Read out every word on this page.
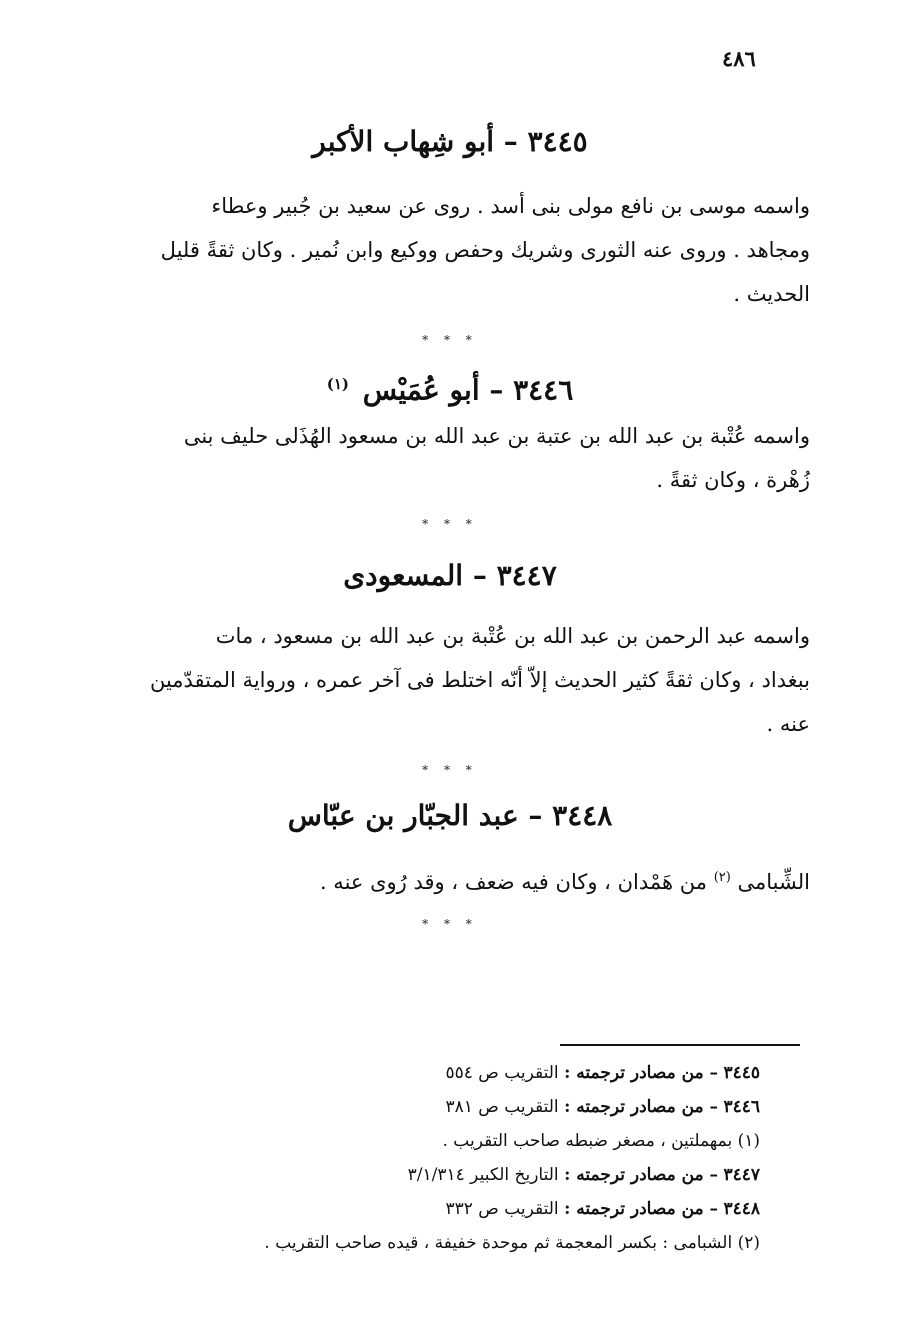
٤٨٦
٣٤٤٥ – أبو شِهاب الأكبر
واسمه موسى بن نافع مولى بنى أسد . روى عن سعيد بن جُبير وعطاء
ومجاهد . وروى عنه الثورى وشريك وحفص ووكيع وابن نُمير . وكان ثقةً قليل
الحديث .
* * *
٣٤٤٦ – أبو عُمَيْس $^{(١)}$
واسمه عُتْبة بن عبد الله بن عتبة بن عبد الله بن مسعود الهُذَلى حليف بنى
زُهْرة ، وكان ثقةً .
* * *
٣٤٤٧ – المسعودى
واسمه عبد الرحمن بن عبد الله بن عُتْبة بن عبد الله بن مسعود ، مات
ببغداد ، وكان ثقةً كثير الحديث إلاّ أنّه اختلط فى آخر عمره ، ورواية المتقدّمين
عنه .
* * *
٣٤٤٨ – عبد الجبّار بن عبّاس
الشِّبامى $^{(٢)}$ من هَمْدان ، وكان فيه ضعف ، وقد رُوى عنه .
* * *
٣٤٤٥ – من مصادر ترجمته : التقريب ص ٥٥٤
٣٤٤٦ – من مصادر ترجمته : التقريب ص ٣٨١
(١) بمهملتين ، مصغر ضبطه صاحب التقريب .
٣٤٤٧ – من مصادر ترجمته : التاريخ الكبير ٣/١/٣١٤
٣٤٤٨ – من مصادر ترجمته : التقريب ص ٣٣٢
(٢) الشبامى : بكسر المعجمة ثم موحدة خفيفة ، قيده صاحب التقريب .
